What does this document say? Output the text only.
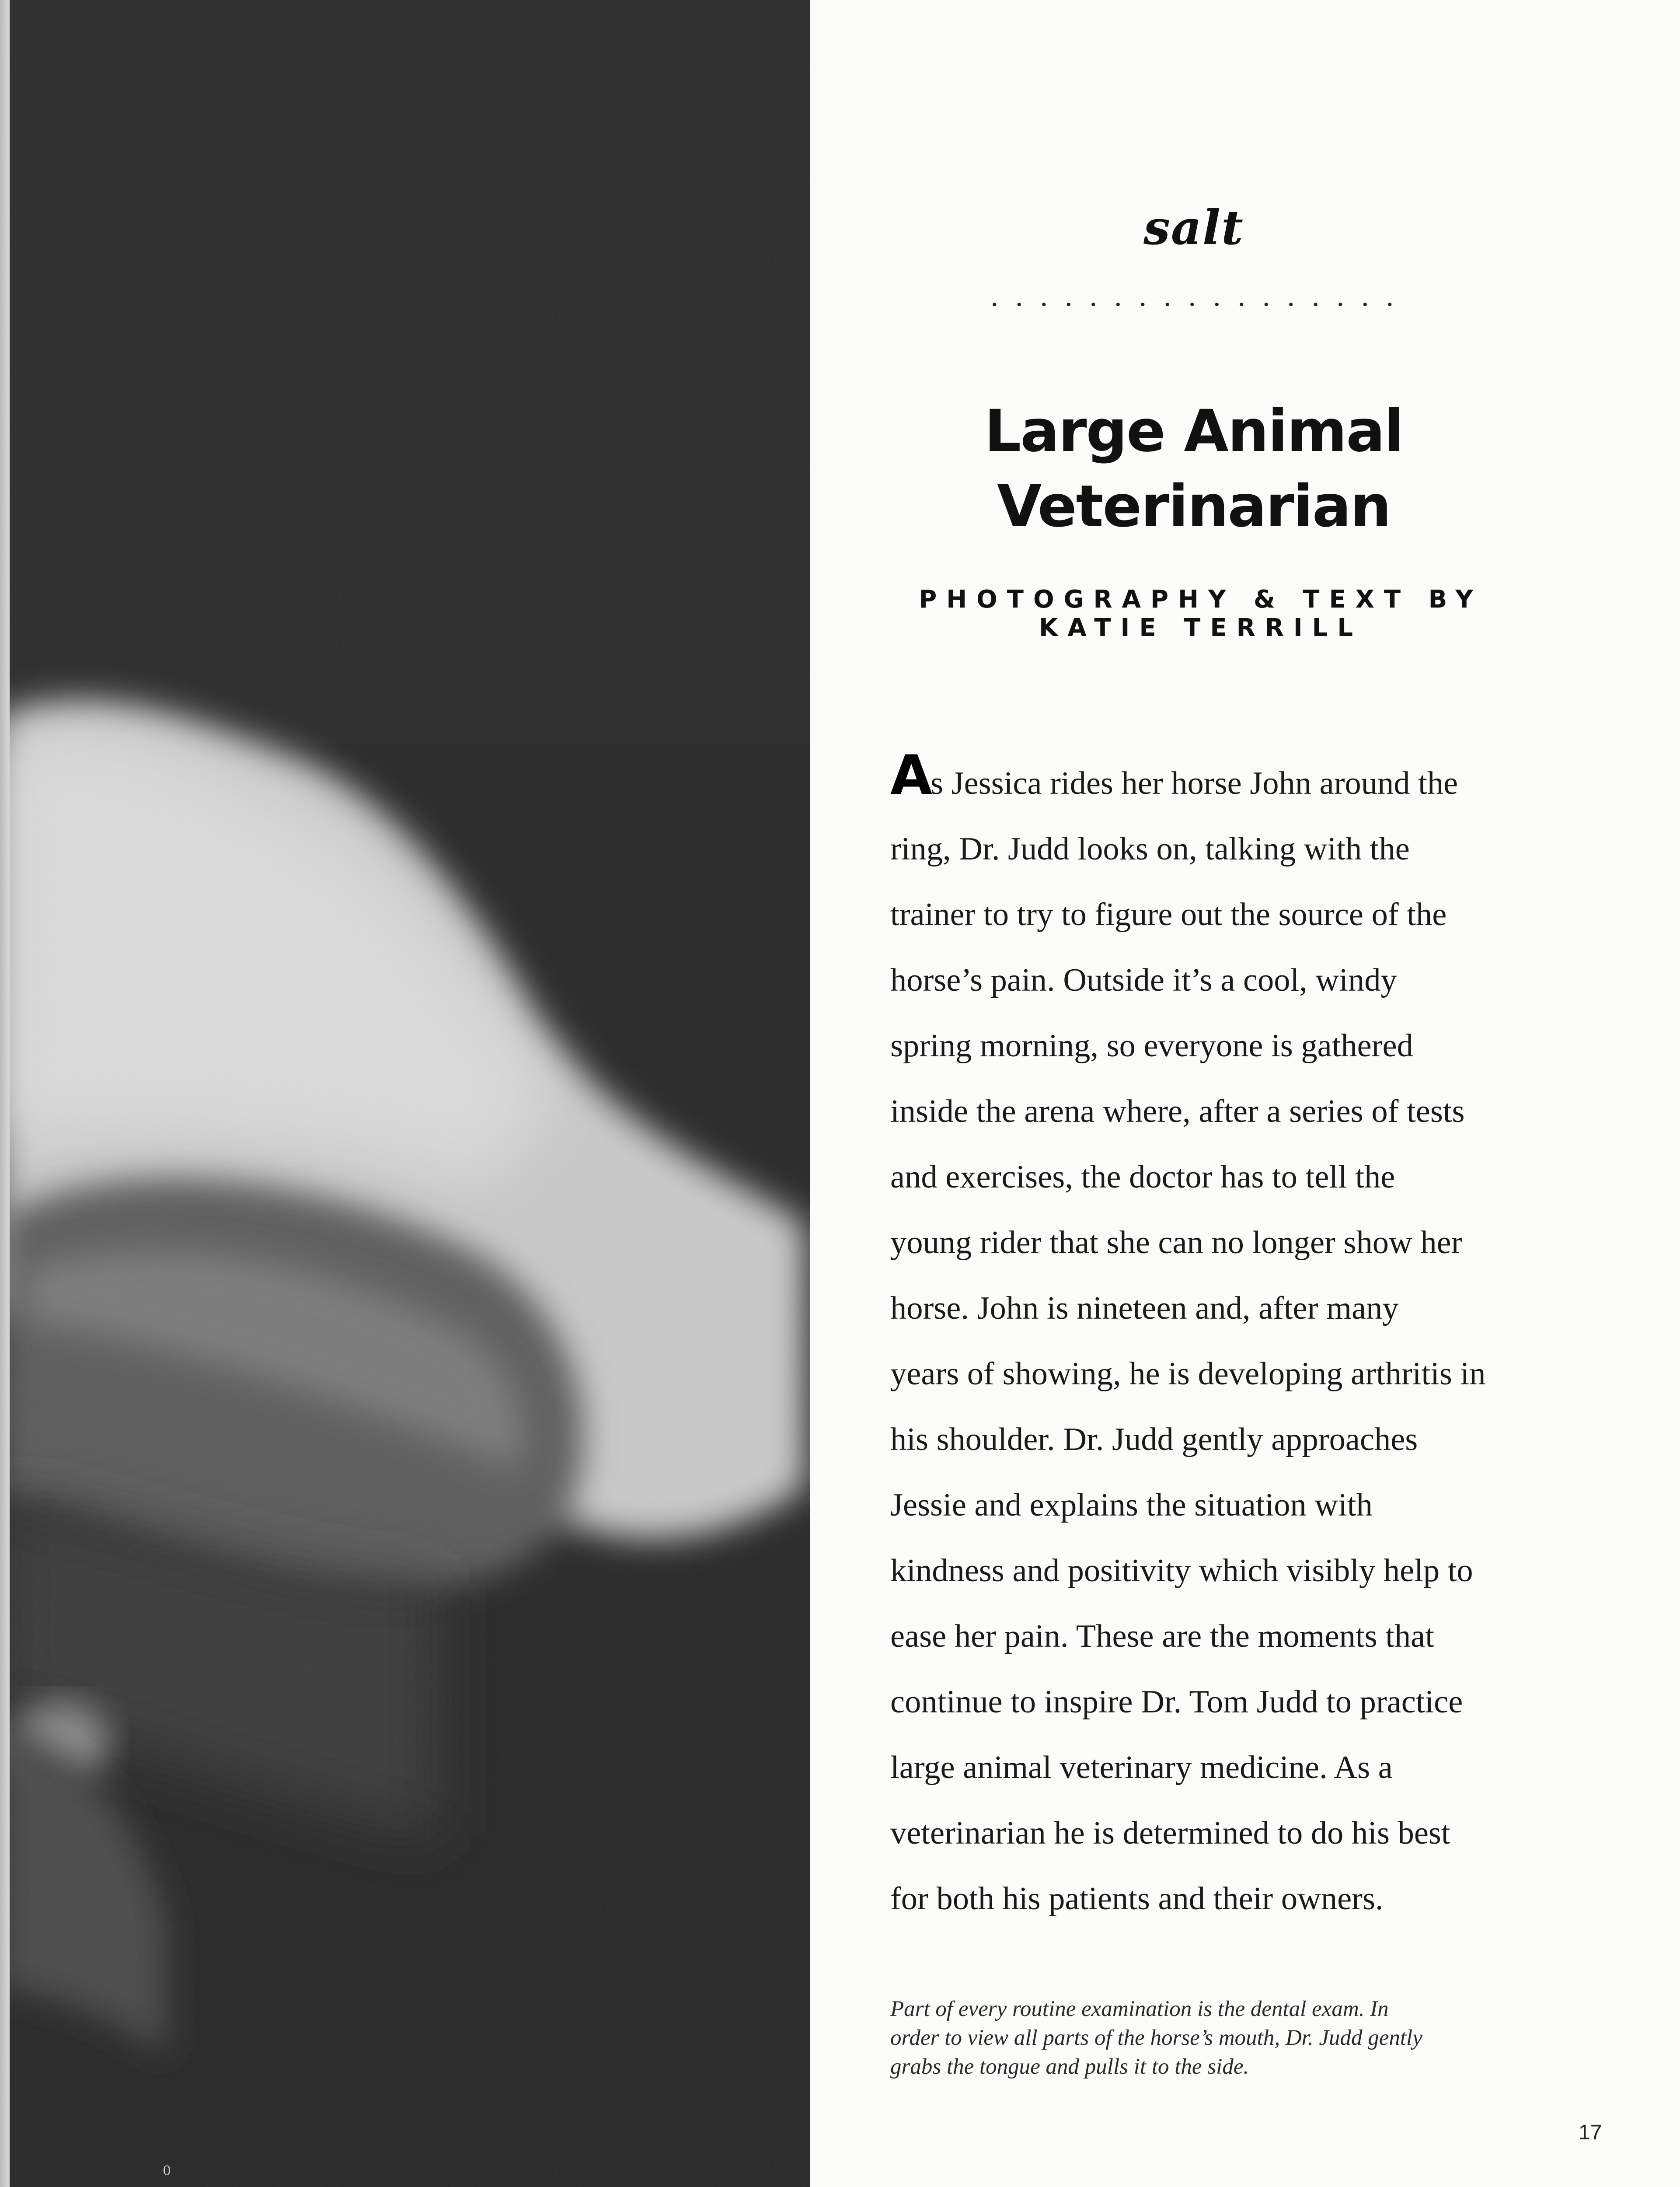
0
salt
Large Animal
Veterinarian
PHOTOGRAPHY & TEXT BY KATIE TERRILL

As Jessica rides her horse John around the
ring, Dr. Judd looks on, talking with the
trainer to try to figure out the source of the
horse’s pain. Outside it’s a cool, windy
spring morning, so everyone is gathered
inside the arena where, after a series of tests
and exercises, the doctor has to tell the
young rider that she can no longer show her
horse. John is nineteen and, after many
years of showing, he is developing arthritis in
his shoulder. Dr. Judd gently approaches
Jessie and explains the situation with
kindness and positivity which visibly help to
ease her pain. These are the moments that
continue to inspire Dr. Tom Judd to practice
large animal veterinary medicine. As a
veterinarian he is determined to do his best
for both his patients and their owners.

Part of every routine examination is the dental exam. In
order to view all parts of the horse’s mouth, Dr. Judd gently
grabs the tongue and pulls it to the side.

17
